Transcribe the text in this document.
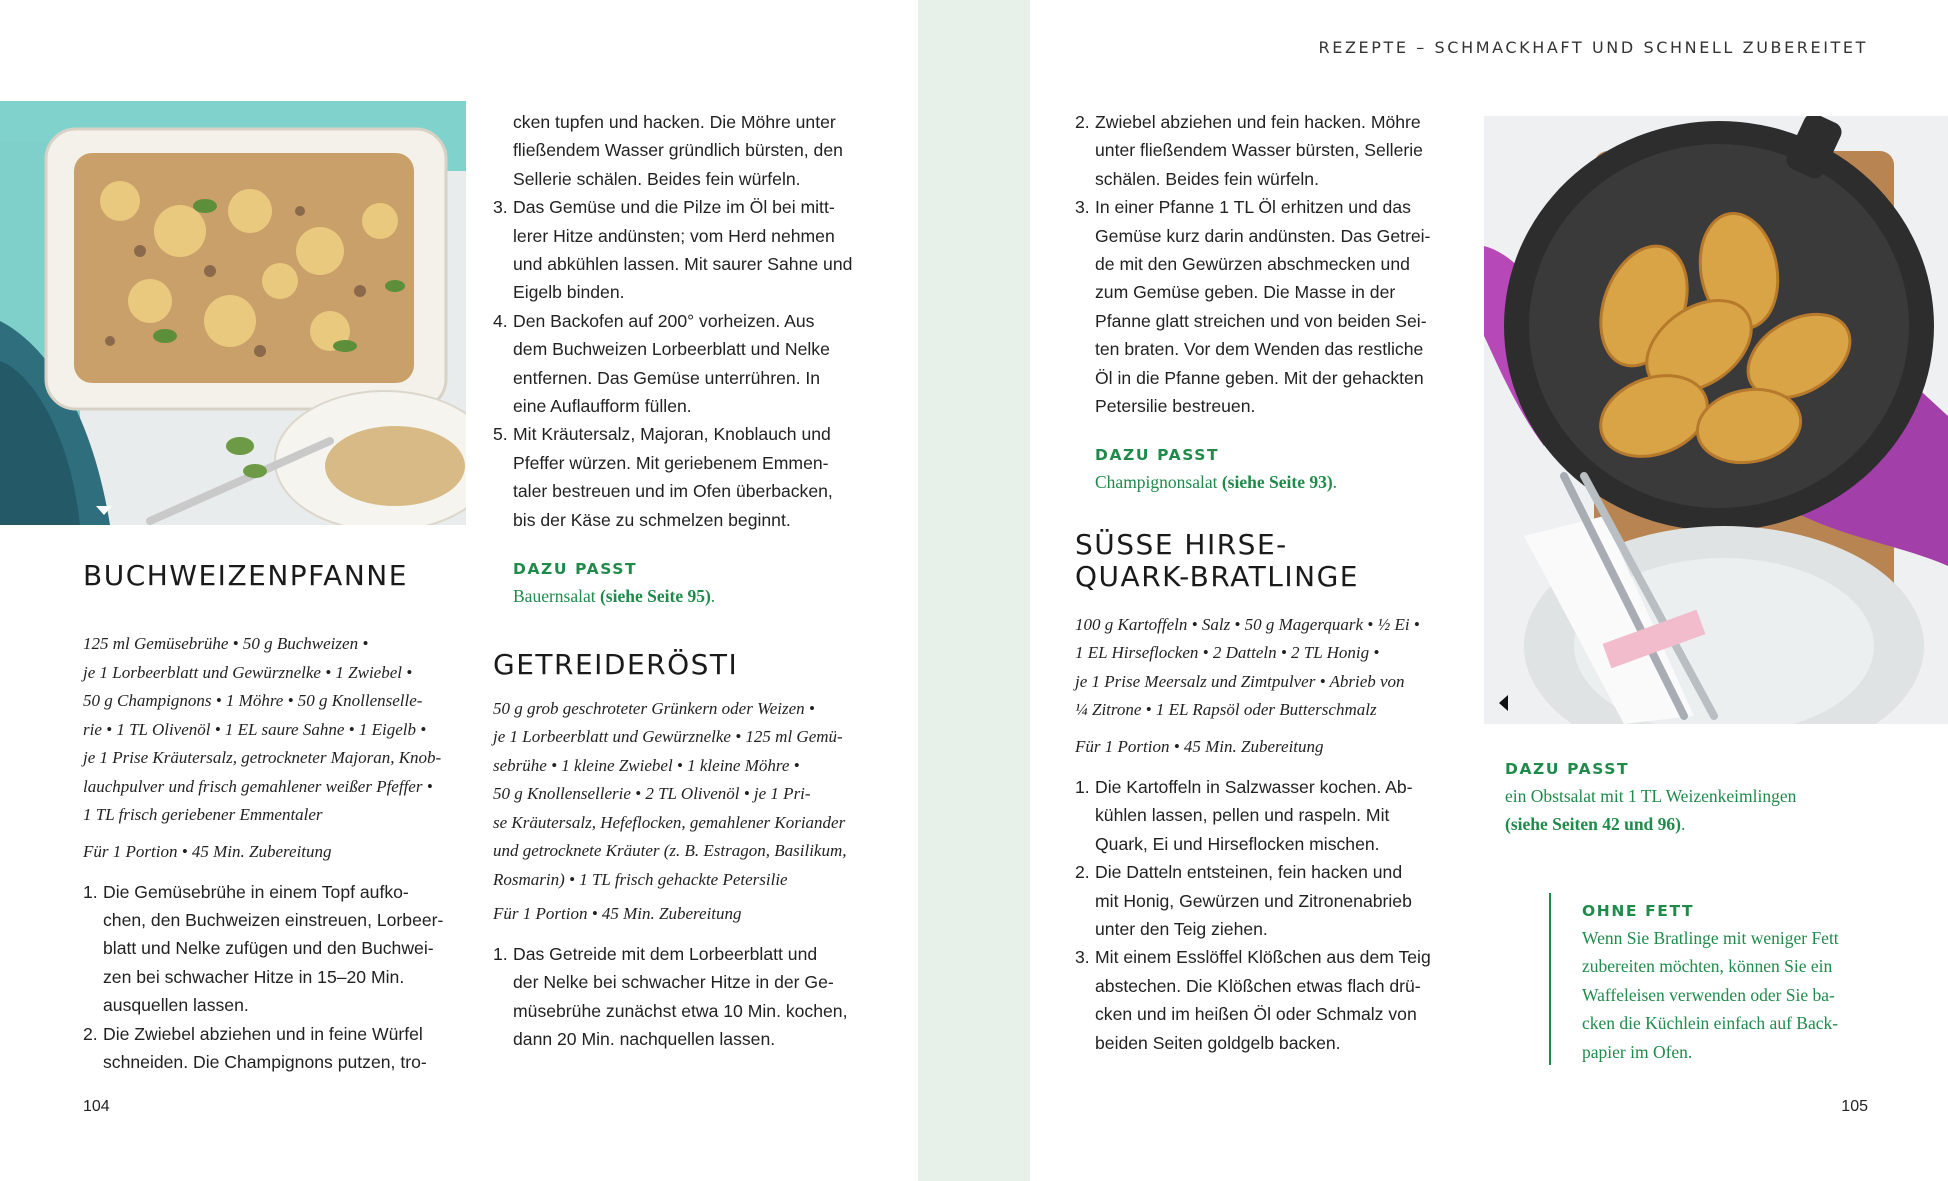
BUCHWEIZENPFANNE
125 ml Gemüsebrühe • 50 g Buchweizen •
je 1 Lorbeerblatt und Gewürznelke • 1 Zwiebel •
50 g Champignons • 1 Möhre • 50 g Knollenselle-
rie • 1 TL Olivenöl • 1 EL saure Sahne • 1 Eigelb •
je 1 Prise Kräutersalz, getrockneter Majoran, Knob-
lauchpulver und frisch gemahlener weißer Pfeffer •
1 TL frisch geriebener Emmentaler
Für 1 Portion • 45 Min. Zubereitung
1. Die Gemüsebrühe in einem Topf aufko-
chen, den Buchweizen einstreuen, Lorbeer-
blatt und Nelke zufügen und den Buchwei-
zen bei schwacher Hitze in 15–20 Min.
ausquellen lassen.
2. Die Zwiebel abziehen und in feine Würfel
schneiden. Die Champignons putzen, tro-
cken tupfen und hacken. Die Möhre unter
fließendem Wasser gründlich bürsten, den
Sellerie schälen. Beides fein würfeln.
3. Das Gemüse und die Pilze im Öl bei mitt-
lerer Hitze andünsten; vom Herd nehmen
und abkühlen lassen. Mit saurer Sahne und
Eigelb binden.
4. Den Backofen auf 200° vorheizen. Aus
dem Buchweizen Lorbeerblatt und Nelke
entfernen. Das Gemüse unterrühren. In
eine Auflaufform füllen.
5. Mit Kräutersalz, Majoran, Knoblauch und
Pfeffer würzen. Mit geriebenem Emmen-
taler bestreuen und im Ofen überbacken,
bis der Käse zu schmelzen beginnt.
DAZU PASST
Bauernsalat (siehe Seite 95).
GETREIDERÖSTI
50 g grob geschroteter Grünkern oder Weizen •
je 1 Lorbeerblatt und Gewürznelke • 125 ml Gemü-
sebrühe • 1 kleine Zwiebel • 1 kleine Möhre •
50 g Knollensellerie • 2 TL Olivenöl • je 1 Pri-
se Kräutersalz, Hefeflocken, gemahlener Koriander
und getrocknete Kräuter (z. B. Estragon, Basilikum,
Rosmarin) • 1 TL frisch gehackte Petersilie
Für 1 Portion • 45 Min. Zubereitung
1. Das Getreide mit dem Lorbeerblatt und
der Nelke bei schwacher Hitze in der Ge-
müsebrühe zunächst etwa 10 Min. kochen,
dann 20 Min. nachquellen lassen.
104
REZEPTE – SCHMACKHAFT UND SCHNELL ZUBEREITET
2. Zwiebel abziehen und fein hacken. Möhre
unter fließendem Wasser bürsten, Sellerie
schälen. Beides fein würfeln.
3. In einer Pfanne 1 TL Öl erhitzen und das
Gemüse kurz darin andünsten. Das Getrei-
de mit den Gewürzen abschmecken und
zum Gemüse geben. Die Masse in der
Pfanne glatt streichen und von beiden Sei-
ten braten. Vor dem Wenden das restliche
Öl in die Pfanne geben. Mit der gehackten
Petersilie bestreuen.
DAZU PASST
Champignonsalat (siehe Seite 93).
SÜSSE HIRSE-
QUARK-BRATLINGE
100 g Kartoffeln • Salz • 50 g Magerquark • ½ Ei •
1 EL Hirseflocken • 2 Datteln • 2 TL Honig •
je 1 Prise Meersalz und Zimtpulver • Abrieb von
¼ Zitrone • 1 EL Rapsöl oder Butterschmalz
Für 1 Portion • 45 Min. Zubereitung
1. Die Kartoffeln in Salzwasser kochen. Ab-
kühlen lassen, pellen und raspeln. Mit
Quark, Ei und Hirseflocken mischen.
2. Die Datteln entsteinen, fein hacken und
mit Honig, Gewürzen und Zitronenabrieb
unter den Teig ziehen.
3. Mit einem Esslöffel Klößchen aus dem Teig
abstechen. Die Klößchen etwas flach drü-
cken und im heißen Öl oder Schmalz von
beiden Seiten goldgelb backen.
DAZU PASST
ein Obstsalat mit 1 TL Weizenkeimlingen
(siehe Seiten 42 und 96).
OHNE FETT
Wenn Sie Bratlinge mit weniger Fett
zubereiten möchten, können Sie ein
Waffeleisen verwenden oder Sie ba-
cken die Küchlein einfach auf Back-
papier im Ofen.
105
